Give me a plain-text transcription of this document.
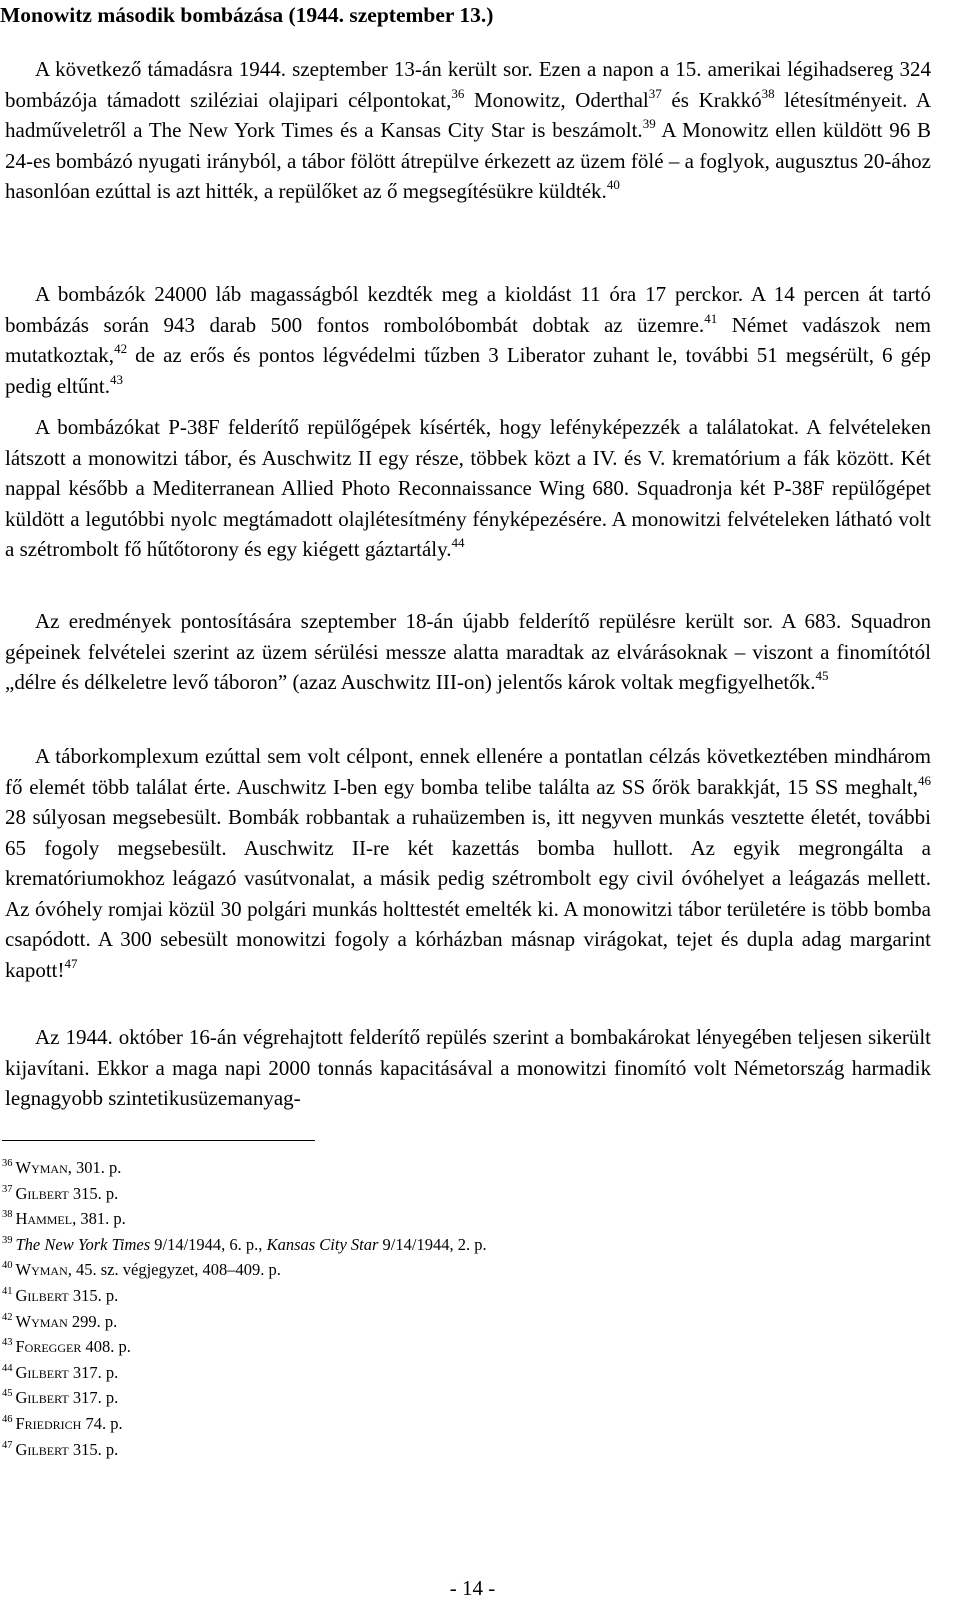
Monowitz második bombázása (1944. szeptember 13.)

A következő támadásra 1944. szeptember 13-án került sor. Ezen a napon a 15. amerikai légihadsereg 324 bombázója támadott sziléziai olajipari célpontokat,$^{36}$ Monowitz, Oderthal$^{37}$ és Krakkó$^{38}$ létesítményeit. A hadműveletről a The New York Times és a Kansas City Star is beszámolt.$^{39}$ A Monowitz ellen küldött 96 B 24-es bombázó nyugati irányból, a tábor fölött átrepülve érkezett az üzem fölé – a foglyok, augusztus 20-ához hasonlóan ezúttal is azt hitték, a repülőket az ő megsegítésükre küldték.$^{40}$

A bombázók 24000 láb magasságból kezdték meg a kioldást 11 óra 17 perckor. A 14 percen át tartó bombázás során 943 darab 500 fontos rombolóbombát dobtak az üzemre.$^{41}$ Német vadászok nem mutatkoztak,$^{42}$ de az erős és pontos légvédelmi tűzben 3 Liberator zuhant le, további 51 megsérült, 6 gép pedig eltűnt.$^{43}$

A bombázókat P-38F felderítő repülőgépek kísérték, hogy lefényképezzék a találatokat. A felvételeken látszott a monowitzi tábor, és Auschwitz II egy része, többek közt a IV. és V. krematórium a fák között. Két nappal később a Mediterranean Allied Photo Reconnaissance Wing 680. Squadronja két P-38F repülőgépet küldött a legutóbbi nyolc megtámadott olajlétesítmény fényképezésére. A monowitzi felvételeken látható volt a szétrombolt fő hűtőtorony és egy kiégett gáztartály.$^{44}$

Az eredmények pontosítására szeptember 18-án újabb felderítő repülésre került sor. A 683. Squadron gépeinek felvételei szerint az üzem sérülési messze alatta maradtak az elvárásoknak – viszont a finomítótól „délre és délkeletre levő táboron” (azaz Auschwitz III-on) jelentős károk voltak megfigyelhetők.$^{45}$

A táborkomplexum ezúttal sem volt célpont, ennek ellenére a pontatlan célzás következtében mindhárom fő elemét több találat érte. Auschwitz I-ben egy bomba telibe találta az SS őrök barakkját, 15 SS meghalt,$^{46}$ 28 súlyosan megsebesült. Bombák robbantak a ruhaüzemben is, itt negyven munkás vesztette életét, további 65 fogoly megsebesült. Auschwitz II-re két kazettás bomba hullott. Az egyik megrongálta a krematóriumokhoz leágazó vasútvonalat, a másik pedig szétrombolt egy civil óvóhelyet a leágazás mellett. Az óvóhely romjai közül 30 polgári munkás holttestét emelték ki. A monowitzi tábor területére is több bomba csapódott. A 300 sebesült monowitzi fogoly a kórházban másnap virágokat, tejet és dupla adag margarint kapott!$^{47}$

Az 1944. október 16-án végrehajtott felderítő repülés szerint a bombakárokat lényegében teljesen sikerült kijavítani. Ekkor a maga napi 2000 tonnás kapacitásával a monowitzi finomító volt Németország harmadik legnagyobb szintetikusüzemanyag-

$^{36}$ Wyman, 301. p.
$^{37}$ Gilbert 315. p.
$^{38}$ Hammel, 381. p.
$^{39}$ The New York Times 9/14/1944, 6. p., Kansas City Star 9/14/1944, 2. p.
$^{40}$ Wyman, 45. sz. végjegyzet, 408–409. p.
$^{41}$ Gilbert 315. p.
$^{42}$ Wyman 299. p.
$^{43}$ Foregger 408. p.
$^{44}$ Gilbert 317. p.
$^{45}$ Gilbert 317. p.
$^{46}$ Friedrich 74. p.
$^{47}$ Gilbert 315. p.
- 14 -
